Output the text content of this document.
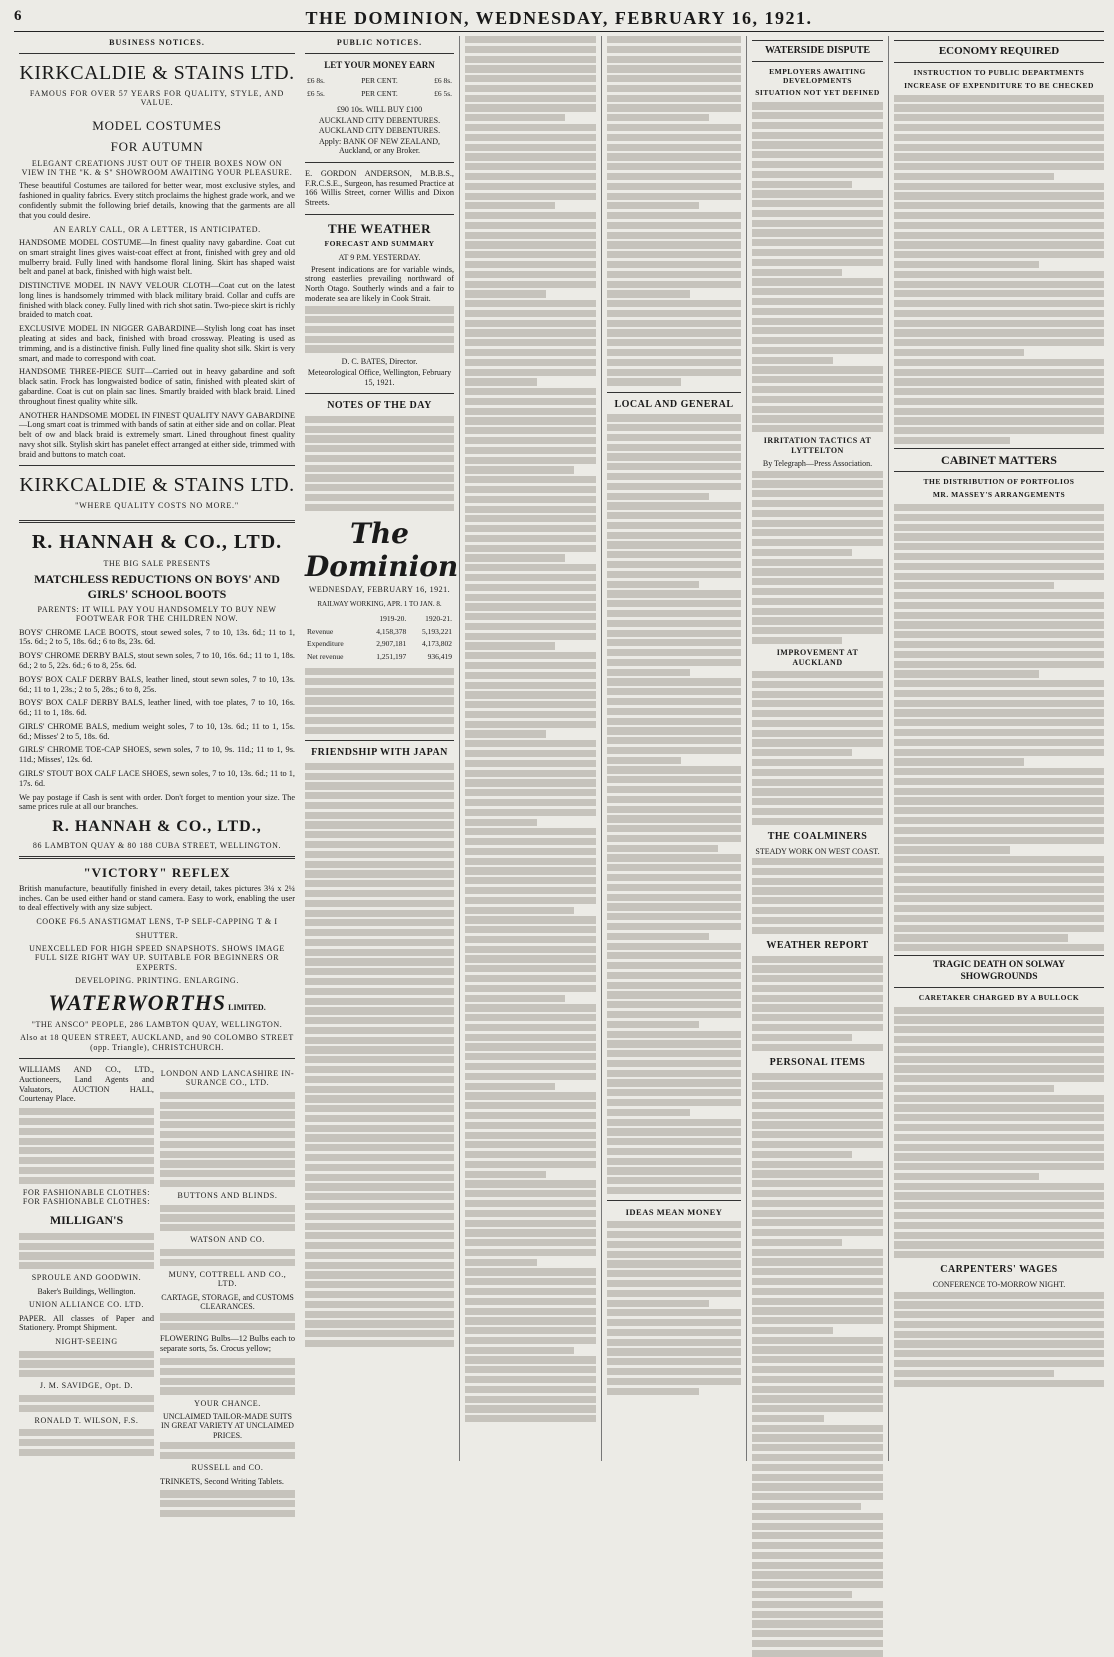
6	THE DOMINION, WEDNESDAY, FEBRUARY 16, 1921.
BUSINESS NOTICES.
KIRKCALDIE & STAINS LTD.
FAMOUS FOR OVER 57 YEARS FOR QUALITY, STYLE, AND VALUE.
MODEL COSTUMES
FOR AUTUMN
ELEGANT CREATIONS JUST OUT OF THEIR BOXES NOW ON VIEW IN THE "K. & S" SHOWROOM AWAITING YOUR PLEASURE.
These beautiful Costumes are tailored for better wear, most exclusive styles, and fashioned in quality fabrics. Every stitch proclaims the highest grade work, and we confidently submit the following brief details, knowing that the garments are all that you could desire.
AN EARLY CALL, OR A LETTER, IS ANTICIPATED.
HANDSOME MODEL COSTUME—In finest quality navy gabardine. Coat cut on smart straight lines gives waist-coat effect at front, finished with grey and old mulberry braid. Fully lined with handsome floral lining. Skirt has shaped waist belt and panel at back, finished with high waist belt.
DISTINCTIVE MODEL IN NAVY VELOUR CLOTH—Coat cut on the latest long lines is handsomely trimmed with black military braid. Collar and cuffs are finished with black coney. Fully lined with rich shot satin. Two-piece skirt is richly braided to match coat.
EXCLUSIVE MODEL IN NIGGER GABARDINE—Stylish long coat has inset pleating at sides and back, finished with broad crossway. Pleating is used as trimming, and is a distinctive finish. Fully lined fine quality shot silk. Skirt is very smart, and made to correspond with coat.
HANDSOME THREE-PIECE SUIT—Carried out in heavy gabardine and soft black satin. Frock has longwaisted bodice of satin, finished with pleated skirt of gabardine. Coat is cut on plain sac lines. Smartly braided with black braid. Lined throughout finest quality white silk.
ANOTHER HANDSOME MODEL IN FINEST QUALITY NAVY GABARDINE—Long smart coat is trimmed with bands of satin at either side and on collar. Pleat belt of ow and black braid is extremely smart. Lined throughout finest quality navy shot silk. Stylish skirt has panelet effect arranged at either side, trimmed with braid and buttons to match coat.
KIRKCALDIE & STAINS LTD.
"WHERE QUALITY COSTS NO MORE."
R. HANNAH & CO., LTD.
THE BIG SALE PRESENTS
MATCHLESS REDUCTIONS ON BOYS' AND GIRLS' SCHOOL BOOTS
PARENTS: IT WILL PAY YOU HANDSOMELY TO BUY NEW FOOTWEAR FOR THE CHILDREN NOW.
BOYS' CHROME LACE BOOTS, stout sewed soles, 7 to 10, 13s. 6d.; 11 to 1, 15s. 6d.; 2 to 5, 18s. 6d.; 6 to 8s, 23s. 6d.
BOYS' CHROME DERBY BALS, stout sewn soles, 7 to 10, 16s. 6d.; 11 to 1, 18s. 6d.; 2 to 5, 22s. 6d.; 6 to 8, 25s. 6d.
BOYS' BOX CALF DERBY BALS, leather lined, stout sewn soles, 7 to 10, 13s. 6d.; 11 to 1, 23s.; 2 to 5, 28s.; 6 to 8, 25s.
BOYS' BOX CALF DERBY BALS, leather lined, with toe plates, 7 to 10, 16s. 6d.; 11 to 1, 18s. 6d.
GIRLS' CHROME BALS, medium weight soles, 7 to 10, 13s. 6d.; 11 to 1, 15s. 6d.; Misses' 2 to 5, 18s. 6d.
GIRLS' CHROME TOE-CAP SHOES, sewn soles, 7 to 10, 9s. 11d.; 11 to 1, 9s. 11d.; Misses', 12s. 6d.
GIRLS' STOUT BOX CALF LACE SHOES, sewn soles, 7 to 10, 13s. 6d.; 11 to 1, 17s. 6d.
We pay postage if Cash is sent with order. Don't forget to mention your size. The same prices rule at all our branches.
R. HANNAH & CO., LTD.,
86 LAMBTON QUAY & 80 188 CUBA STREET, WELLINGTON.
"VICTORY" REFLEX
British manufacture, beautifully finished in every detail, takes pictures 3¼ x 2¼ inches. Can be used either hand or stand camera. Easy to work, enabling the user to deal effectively with any size subject.
COOKE F6.5 ANASTIGMAT LENS, T-P SELF-CAPPING T & I
SHUTTER.
UNEXCELLED FOR HIGH SPEED SNAPSHOTS. SHOWS IMAGE FULL SIZE RIGHT WAY UP. SUITABLE FOR BEGINNERS OR EXPERTS.
DEVELOPING. PRINTING. ENLARGING.
WATERWORTHS LIMITED.
"THE ANSCO" PEOPLE, 286 LAMBTON QUAY, WELLINGTON.
Also at 18 QUEEN STREET, AUCKLAND, and 90 COLOMBO STREET (opp. Triangle), CHRISTCHURCH.
WILLIAMS AND CO., LTD., Auctioneers, Land Agents and Valuators, AUCTION HALL, Courtenay Place.
FOR FASHIONABLE CLOTHES: FOR FASHIONABLE CLOTHES:
MILLIGAN'S
SPROULE AND GOODWIN.
Baker's Buildings, Wellington.
UNION ALLIANCE CO. LTD.
PAPER. All classes of Paper and Stationery. Prompt Shipment.
NIGHT-SEEING
J. M. SAVIDGE, Opt. D.
RONALD T. WILSON, F.S.
LONDON AND LANCASHIRE IN-SURANCE CO., LTD.
BUTTONS AND BLINDS.
WATSON AND CO.
MUNY, COTTRELL AND CO., LTD.
CARTAGE, STORAGE, and CUSTOMS CLEARANCES.
FLOWERING Bulbs—12 Bulbs each to separate sorts, 5s. Crocus yellow;
YOUR CHANCE.
UNCLAIMED TAILOR-MADE SUITS IN GREAT VARIETY AT UNCLAIMED PRICES.
RUSSELL and CO.
TRINKETS, Second Writing Tablets.
PUBLIC NOTICES.
LET YOUR MONEY EARN
£6 8s.	PER CENT.	£6 8s.
£6 5s.	PER CENT.	£6 5s.
£90 10s. WILL BUY £100
AUCKLAND CITY DEBENTURES. AUCKLAND CITY DEBENTURES.
Apply: BANK OF NEW ZEALAND, Auckland, or any Broker.
E. GORDON ANDERSON, M.B.B.S., F.R.C.S.E., Surgeon, has resumed Practice at 166 Willis Street, corner Willis and Dixon Streets.
THE WEATHER
FORECAST AND SUMMARY
AT 9 P.M. YESTERDAY.
Present indications are for variable winds, strong easterlies prevailing northward of North Otago. Southerly winds and a fair to moderate sea are likely in Cook Strait.
D. C. BATES, Director.
Meteorological Office, Wellington, February 15, 1921.
NOTES OF THE DAY
The Dominion
WEDNESDAY, FEBRUARY 16, 1921.
RAILWAY WORKING, APR. 1 TO JAN. 8.
	1919-20.	1920-21.
Revenue	4,158,378	5,193,221
Expenditure	2,907,181	4,173,802
Net revenue	1,251,197	936,419
FRIENDSHIP WITH JAPAN
LOCAL AND GENERAL
IDEAS MEAN MONEY
WATERSIDE DISPUTE
EMPLOYERS AWAITING DEVELOPMENTS
SITUATION NOT YET DEFINED
IRRITATION TACTICS AT LYTTELTON
By Telegraph—Press Association.
IMPROVEMENT AT AUCKLAND
THE COALMINERS
STEADY WORK ON WEST COAST.
WEATHER REPORT
PERSONAL ITEMS
ECONOMY REQUIRED
INSTRUCTION TO PUBLIC DEPARTMENTS
INCREASE OF EXPENDITURE TO BE CHECKED
CABINET MATTERS
THE DISTRIBUTION OF PORTFOLIOS
MR. MASSEY'S ARRANGEMENTS
TRAGIC DEATH ON SOLWAY SHOWGROUNDS
CARETAKER CHARGED BY A BULLOCK
CARPENTERS' WAGES
CONFERENCE TO-MORROW NIGHT.
